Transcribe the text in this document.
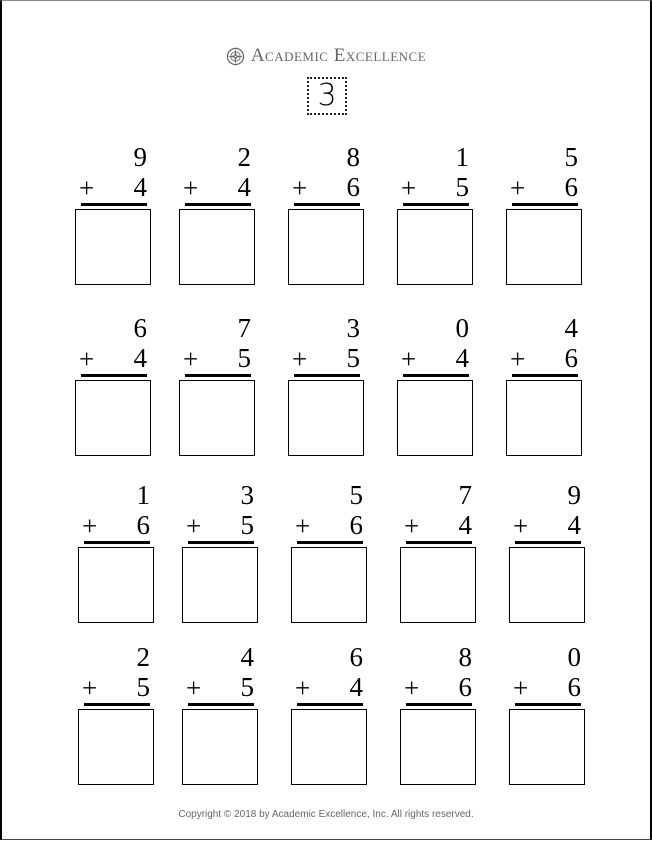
Academic Excellence
3
9
+ 4
2
+ 4
8
+ 6
1
+ 5
5
+ 6
6
+ 4
7
+ 5
3
+ 5
0
+ 4
4
+ 6
1
+ 6
3
+ 5
5
+ 6
7
+ 4
9
+ 4
2
+ 5
4
+ 5
6
+ 4
8
+ 6
0
+ 6
Copyright © 2018 by Academic Excellence, Inc. All rights reserved.
